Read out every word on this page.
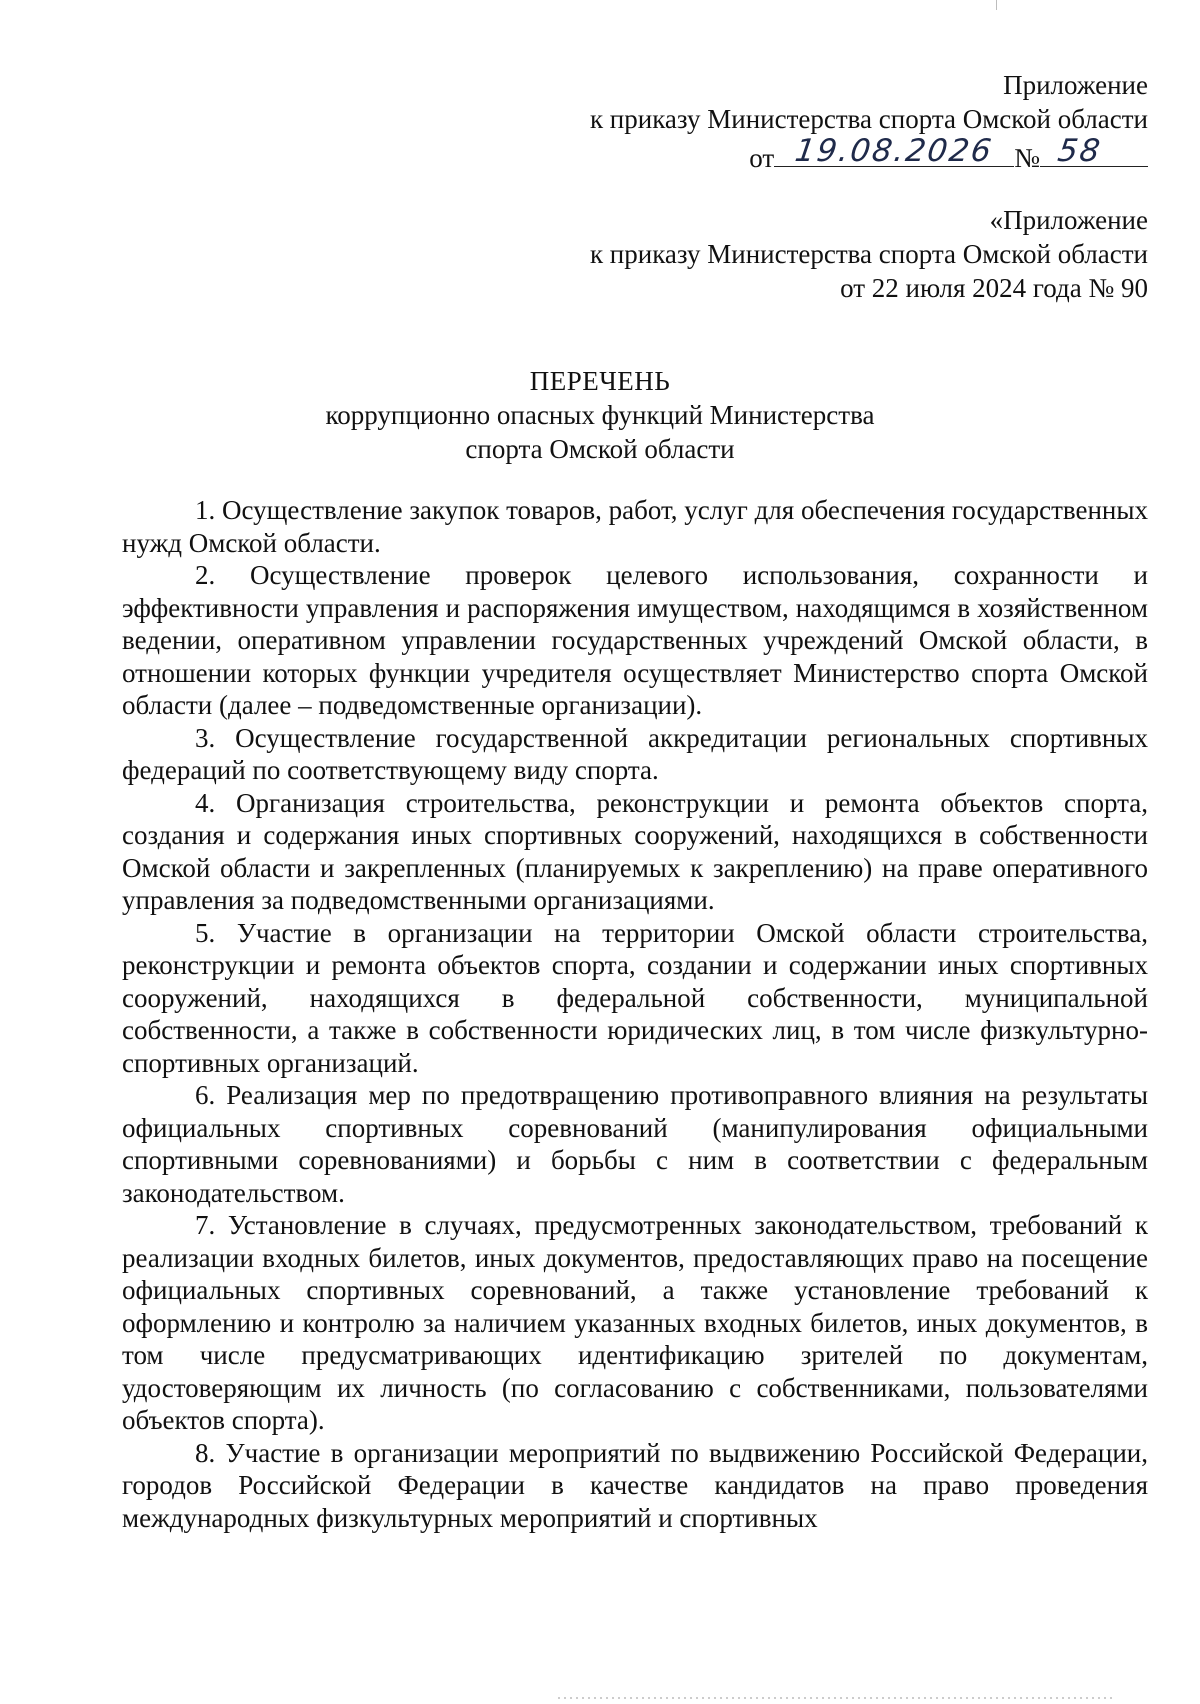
Приложение
к приказу Министерства спорта Омской области
от 19.08.2026 № 58
«Приложение
к приказу Министерства спорта Омской области
от 22 июля 2024 года № 90
ПЕРЕЧЕНЬ
коррупционно опасных функций Министерства
спорта Омской области

1. Осуществление закупок товаров, работ, услуг для обеспечения государственных нужд Омской области.

2. Осуществление проверок целевого использования, сохранности и эффективности управления и распоряжения имуществом, находящимся в хозяйственном ведении, оперативном управлении государственных учреждений Омской области, в отношении которых функции учредителя осуществляет Министерство спорта Омской области (далее – подведомственные организации).

3. Осуществление государственной аккредитации региональных спортивных федераций по соответствующему виду спорта.

4. Организация строительства, реконструкции и ремонта объектов спорта, создания и содержания иных спортивных сооружений, находящихся в собственности Омской области и закрепленных (планируемых к закреплению) на праве оперативного управления за подведомственными организациями.

5. Участие в организации на территории Омской области строительства, реконструкции и ремонта объектов спорта, создании и содержании иных спортивных сооружений, находящихся в федеральной собственности, муниципальной собственности, а также в собственности юридических лиц, в том числе физкультурно-спортивных организаций.

6. Реализация мер по предотвращению противоправного влияния на результаты официальных спортивных соревнований (манипулирования официальными спортивными соревнованиями) и борьбы с ним в соответствии с федеральным законодательством.

7. Установление в случаях, предусмотренных законодательством, требований к реализации входных билетов, иных документов, предоставляющих право на посещение официальных спортивных соревнований, а также установление требований к оформлению и контролю за наличием указанных входных билетов, иных документов, в том числе предусматривающих идентификацию зрителей по документам, удостоверяющим их личность (по согласованию с собственниками, пользователями объектов спорта).

8. Участие в организации мероприятий по выдвижению Российской Федерации, городов Российской Федерации в качестве кандидатов на право проведения международных физкультурных мероприятий и спортивных
